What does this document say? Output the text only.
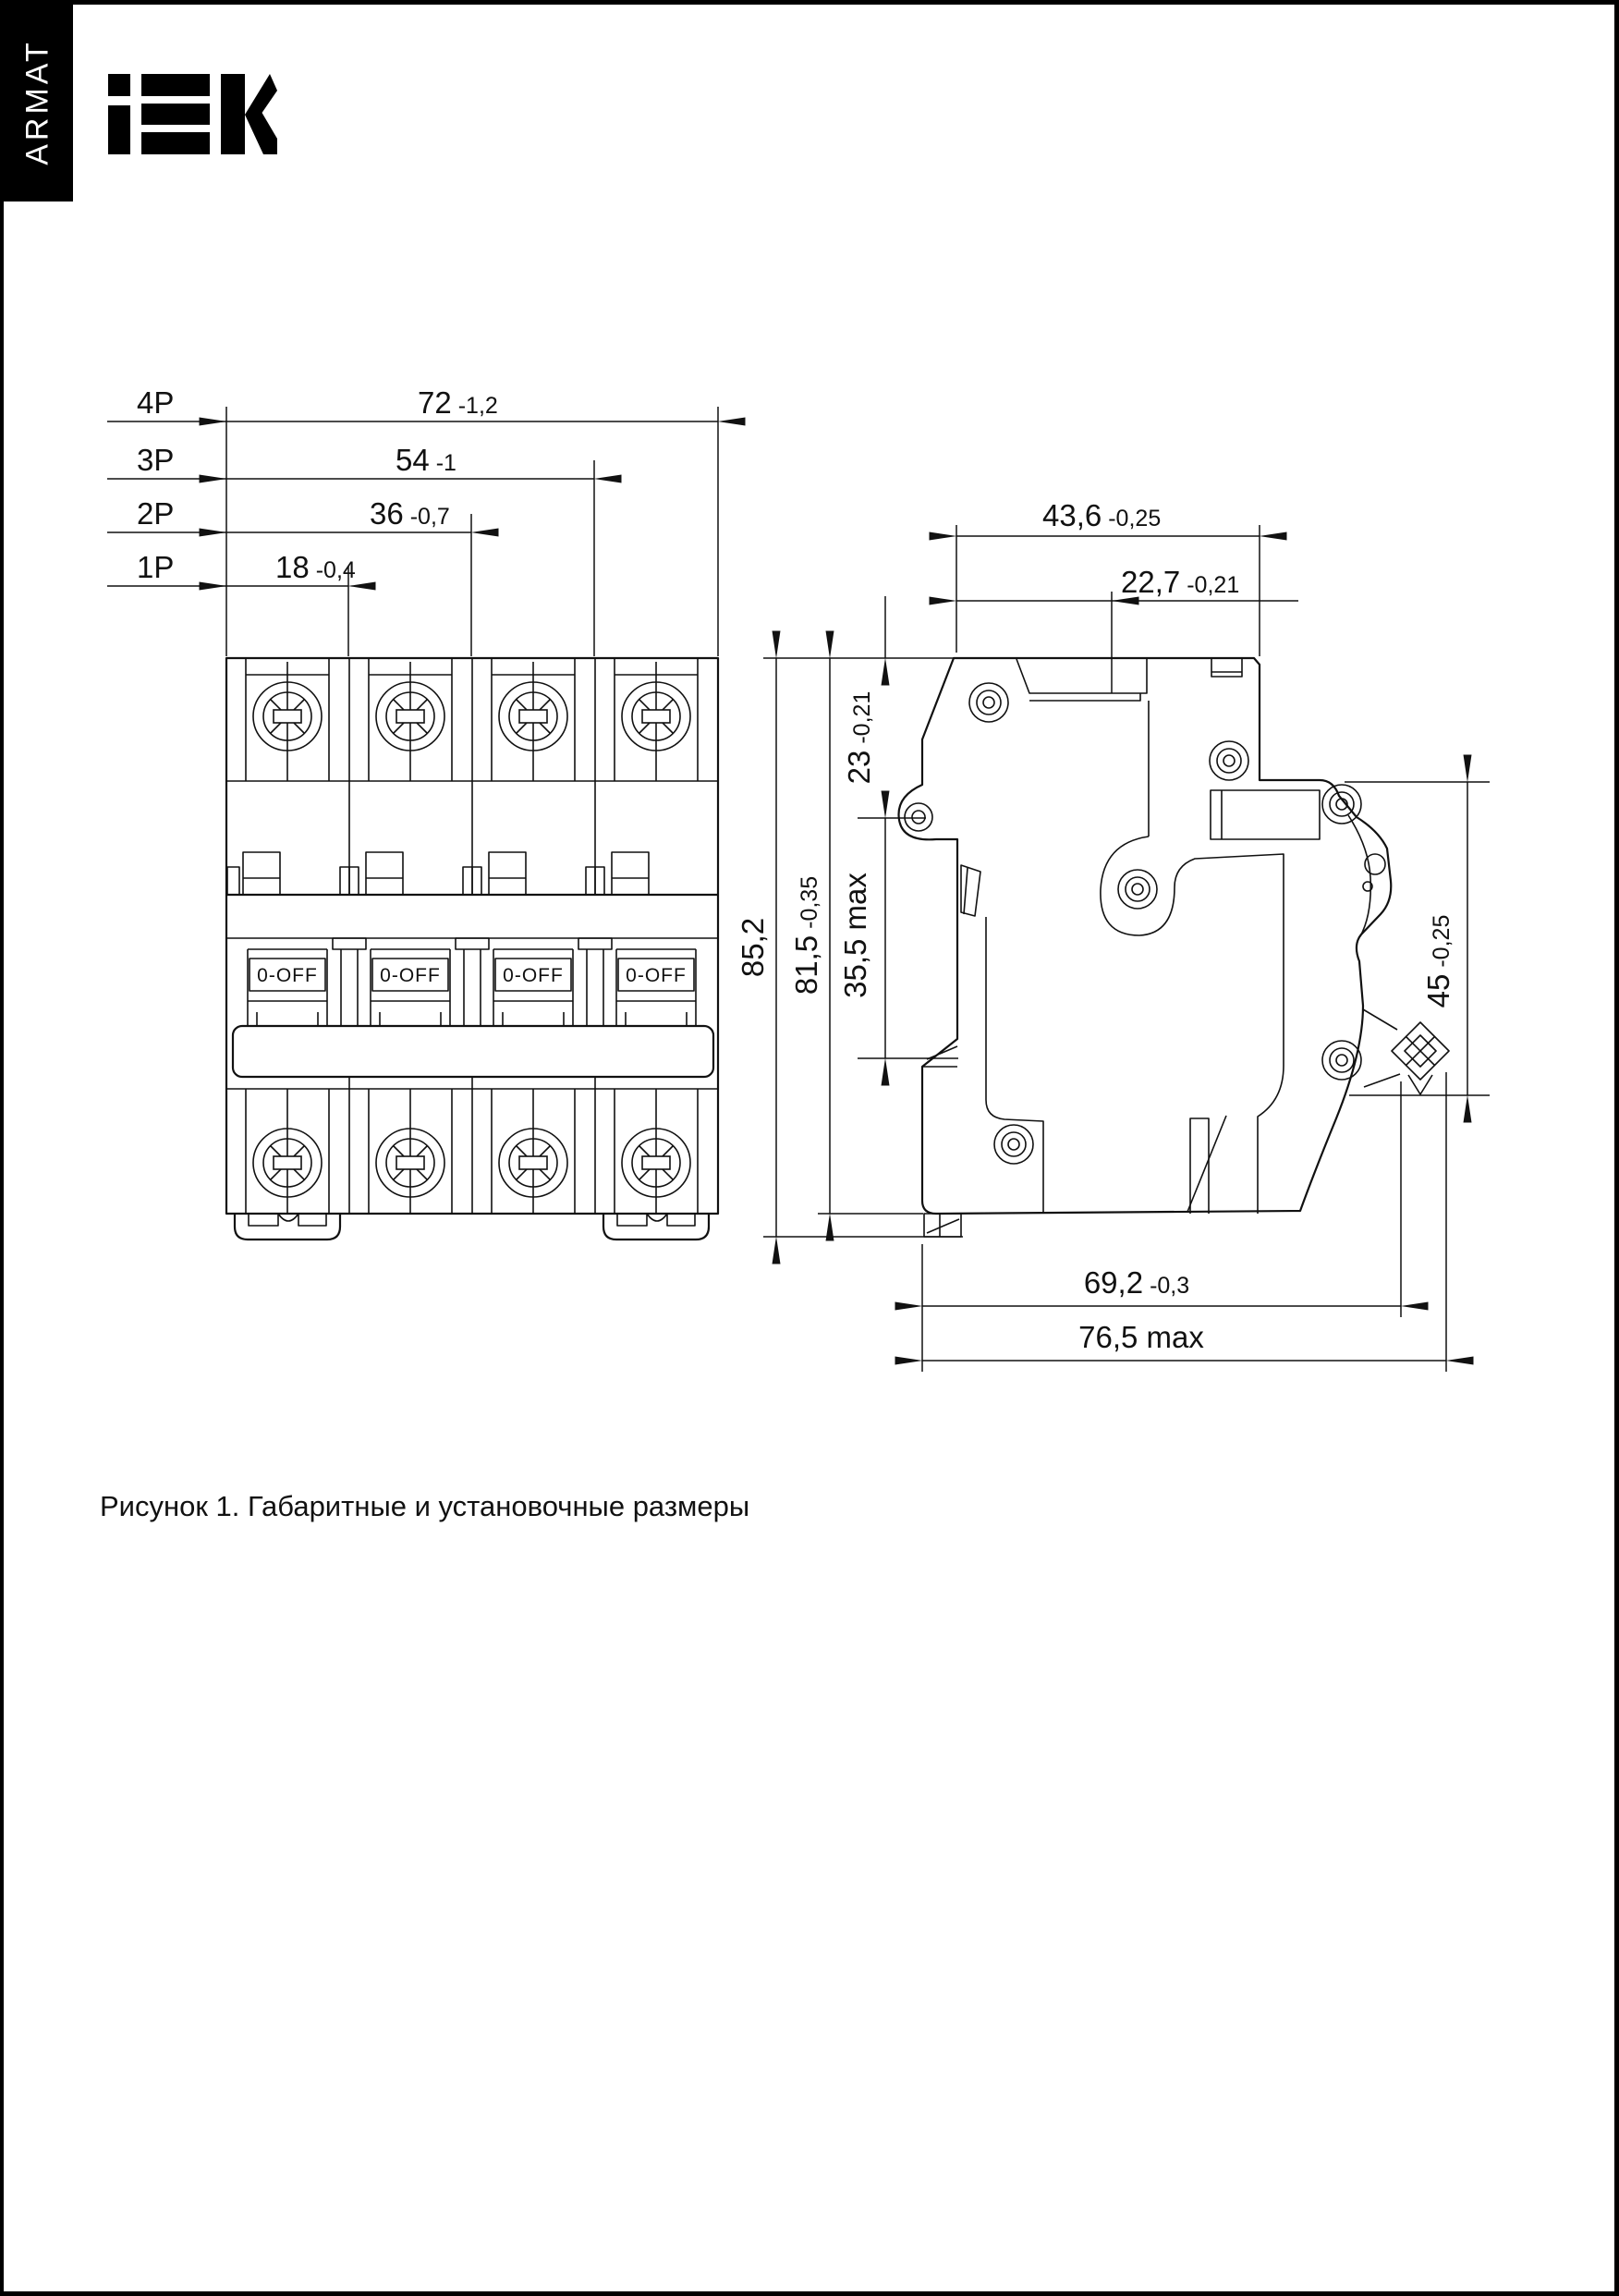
ARMAT
0-OFF	0-OFF	0-OFF	0-OFF
4P	72 -1,2
3P	54 -1
2P	36 -0,7
1P	18 -0,4
43,6 -0,25
22,7 -0,21
23-0,21
35,5 max
85,2 81,5-0,35
45-0,25
69,2 -0,3
76,5 max
Рисунок 1. Габаритные и установочные размеры
